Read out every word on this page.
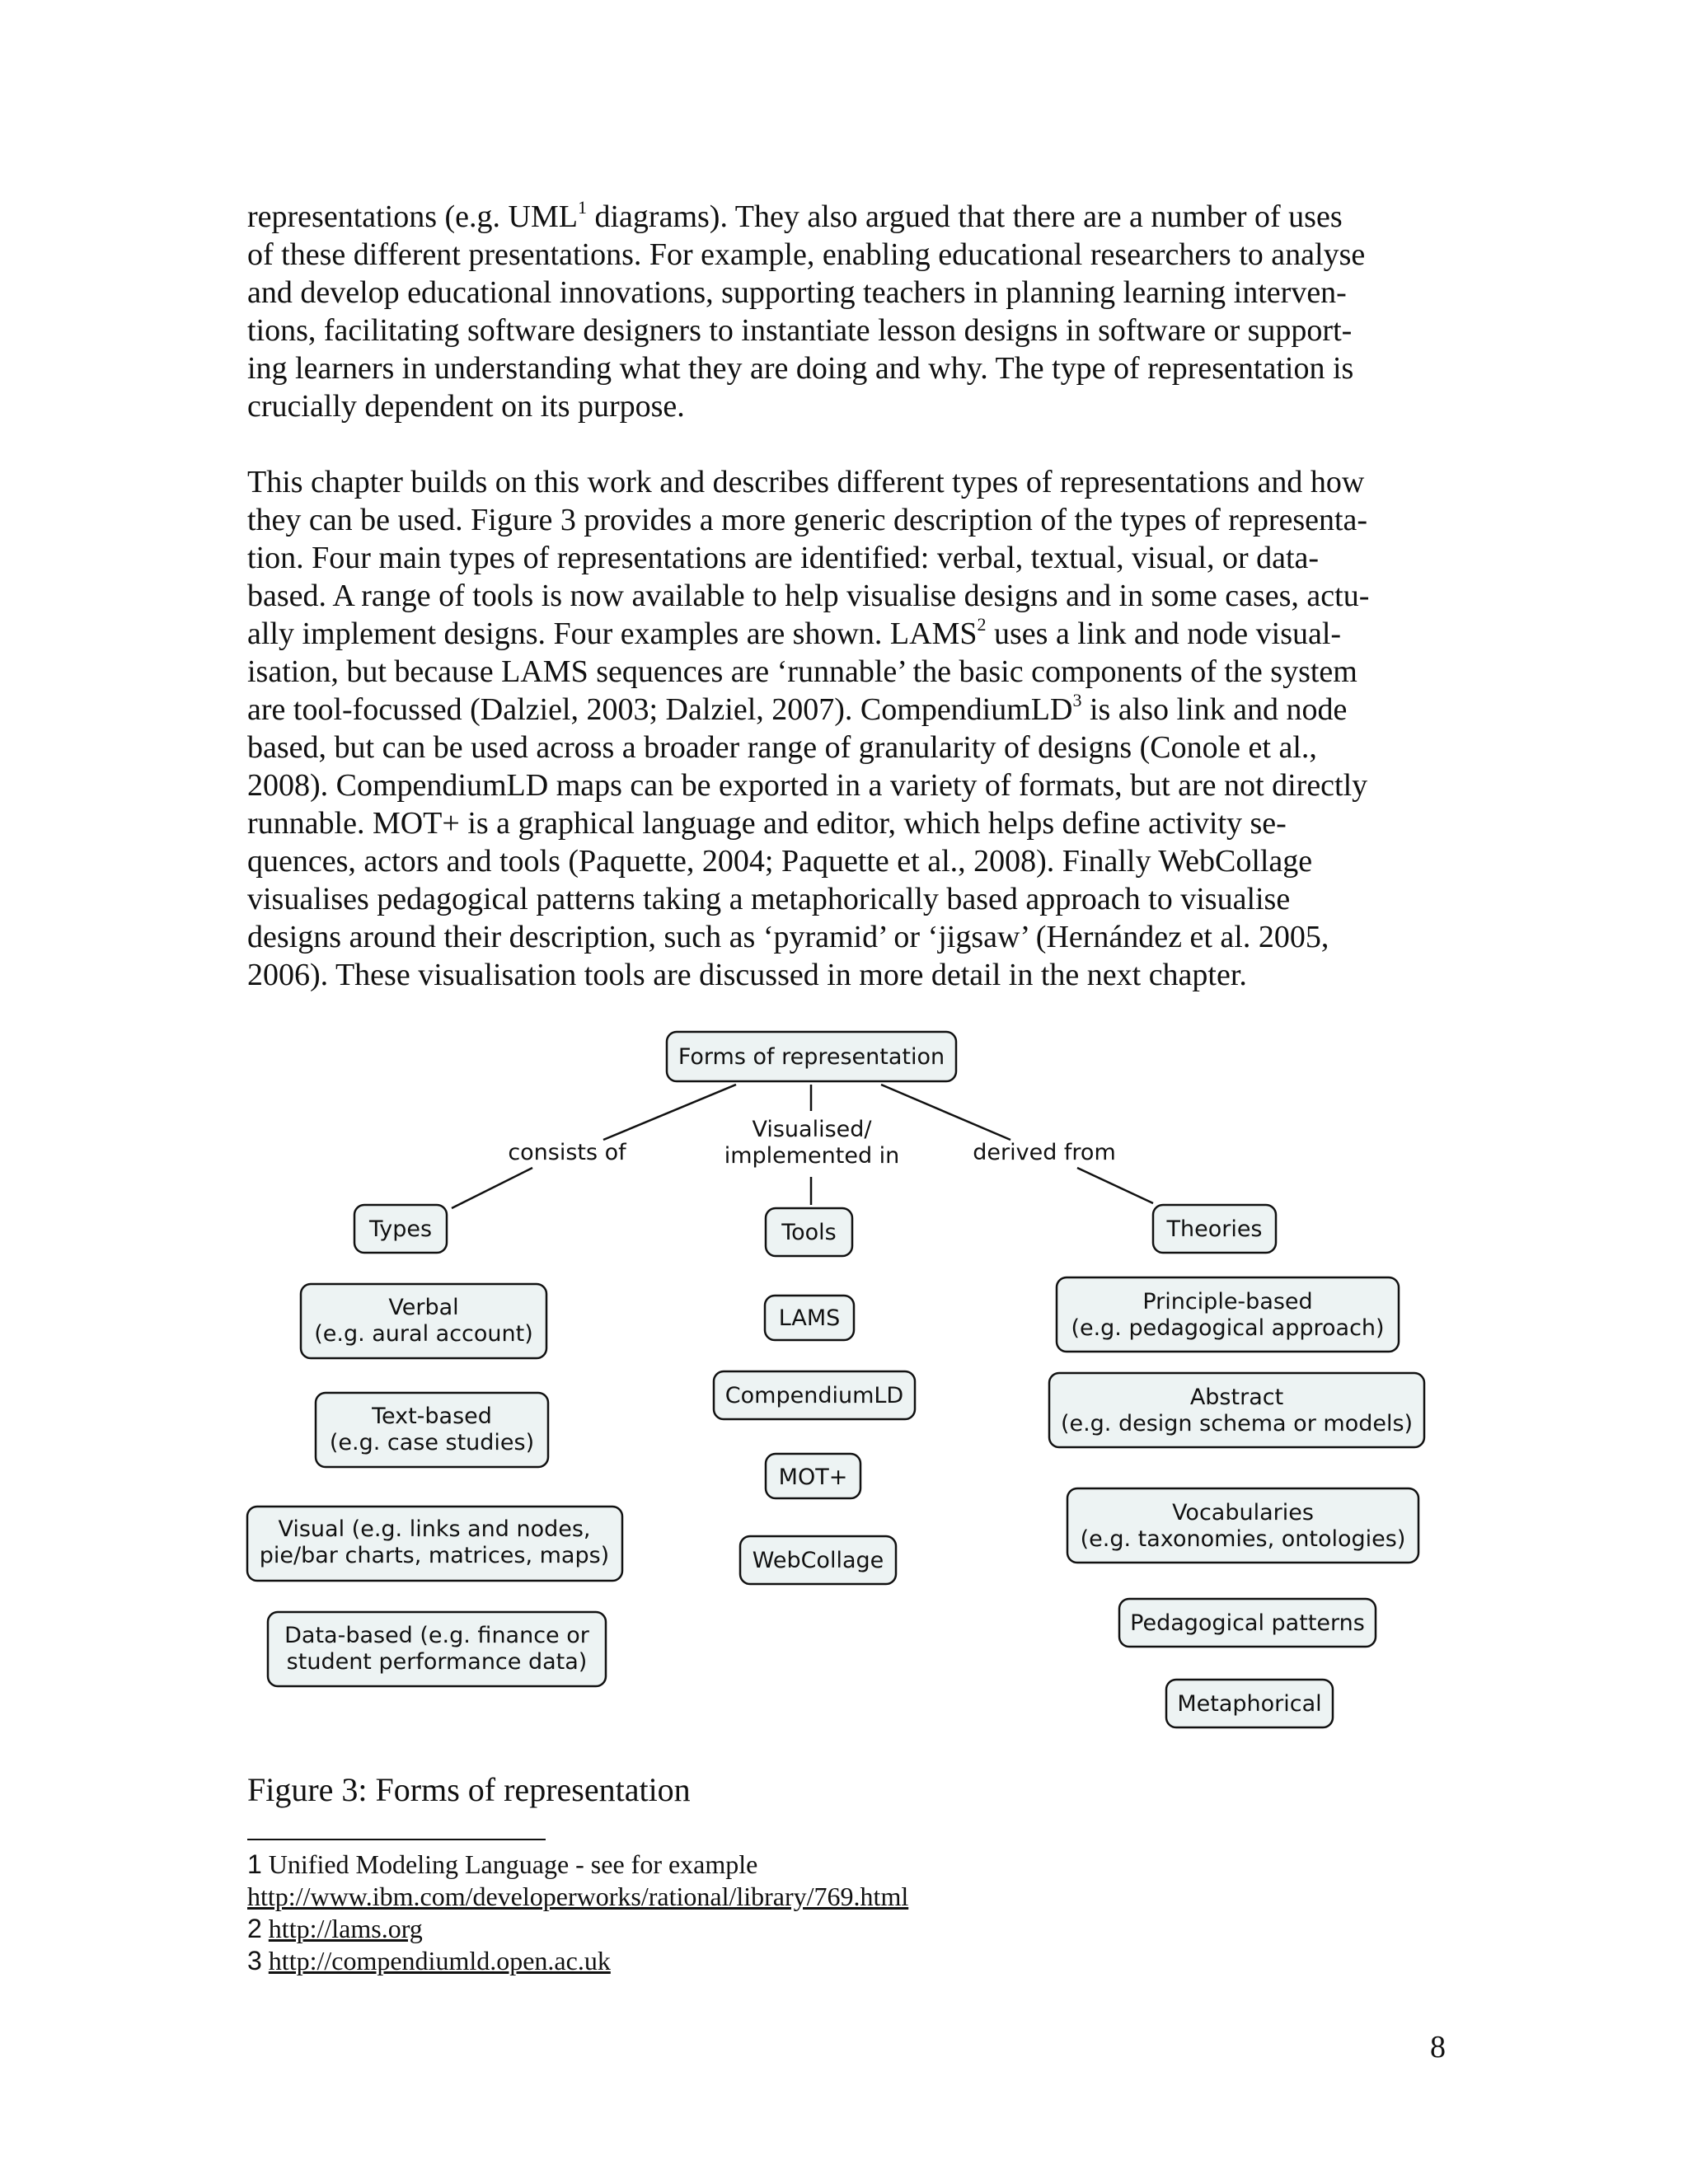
representations (e.g. UML$^1$ diagrams). They also argued that there are a number of uses
of these different presentations. For example, enabling educational researchers to analyse
and develop educational innovations, supporting teachers in planning learning interven-
tions, facilitating software designers to instantiate lesson designs in software or support-
ing learners in understanding what they are doing and why. The type of representation is
crucially dependent on its purpose.

This chapter builds on this work and describes different types of representations and how
they can be used. Figure 3 provides a more generic description of the types of representa-
tion. Four main types of representations are identified: verbal, textual, visual, or data-
based. A range of tools is now available to help visualise designs and in some cases, actu-
ally implement designs. Four examples are shown. LAMS$^2$ uses a link and node visual-
isation, but because LAMS sequences are ‘runnable’ the basic components of the system
are tool-focussed (Dalziel, 2003; Dalziel, 2007). CompendiumLD$^3$ is also link and node
based, but can be used across a broader range of granularity of designs (Conole et al.,
2008). CompendiumLD maps can be exported in a variety of formats, but are not directly
runnable. MOT+ is a graphical language and editor, which helps define activity se-
quences, actors and tools (Paquette, 2004; Paquette et al., 2008). Finally WebCollage
visualises pedagogical patterns taking a metaphorically based approach to visualise
designs around their description, such as ‘pyramid’ or ‘jigsaw’ (Hernández et al. 2005,
2006). These visualisation tools are discussed in more detail in the next chapter.

Forms of representation
consists of
Visualised/
implemented in	derived from
Types
Verbal
(e.g. aural account)
Text-based
(e.g. case studies)
Visual (e.g. links and nodes,
pie/bar charts, matrices, maps)
Data-based (e.g. finance or
student performance data)
Tools
LAMS
CompendiumLD
MOT+
WebCollage
Theories
Principle-based
(e.g. pedagogical approach)
Abstract
(e.g. design schema or models)
Vocabularies
(e.g. taxonomies, ontologies)
Pedagogical patterns
Metaphorical
Figure 3: Forms of representation
1 Unified Modeling Language - see for example
http://www.ibm.com/developerworks/rational/library/769.html
2 http://lams.org
3 http://compendiumld.open.ac.uk
8
